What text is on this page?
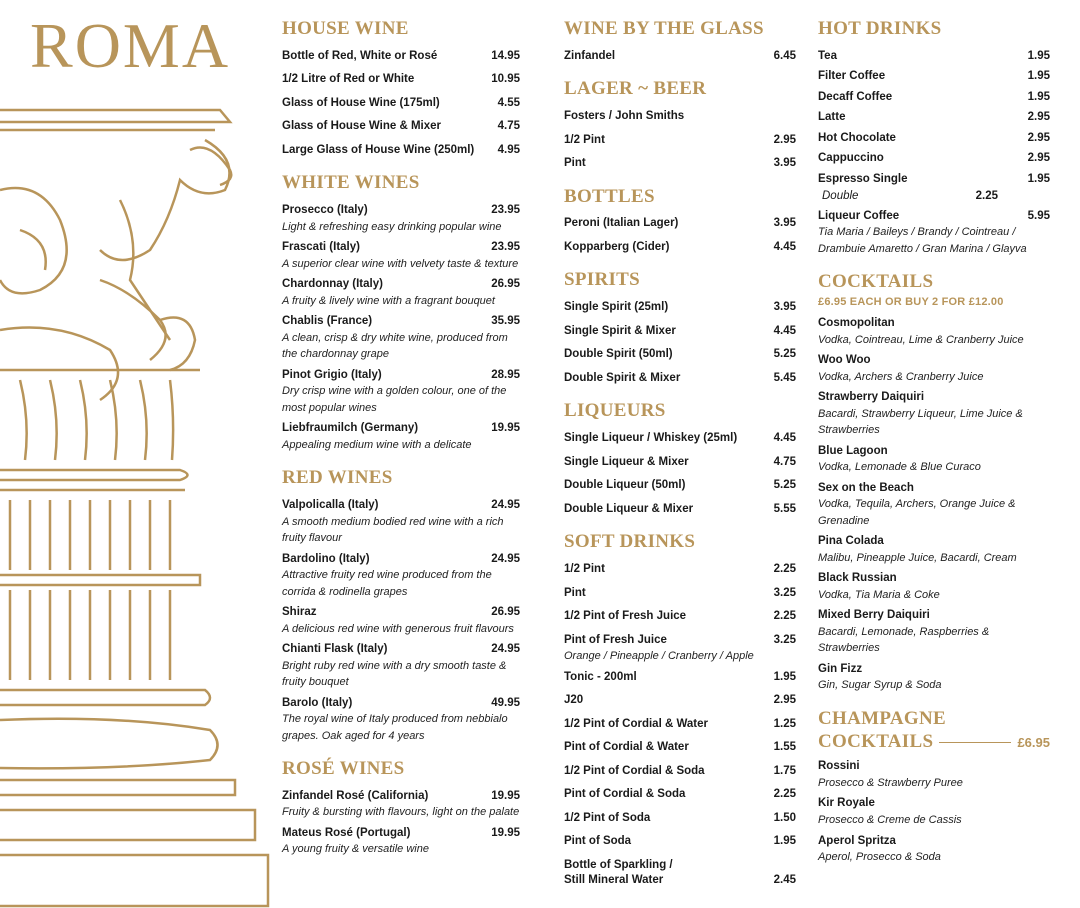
ROMA	HOUSE WINE
Bottle of Red, White or Rosé	14.95
1/2 Litre of Red or White	10.95
Glass of House Wine (175ml)	4.55
Glass of House Wine & Mixer	4.75
Large Glass of House Wine (250ml)	4.95
WHITE WINES
Prosecco (Italy)	23.95
Light & refreshing easy drinking popular wine
Frascati (Italy)	23.95
A superior clear wine with velvety taste & texture
Chardonnay (Italy)	26.95
A fruity & lively wine with a fragrant bouquet
Chablis (France)	35.95
A clean, crisp & dry white wine, produced from the chardonnay grape
Pinot Grigio (Italy)	28.95
Dry crisp wine with a golden colour, one of the most popular wines
Liebfraumilch (Germany)	19.95
Appealing medium wine with a delicate
RED WINES
Valpolicalla (Italy)	24.95
A smooth medium bodied red wine with a rich fruity flavour
Bardolino (Italy)	24.95
Attractive fruity red wine produced from the corrida & rodinella grapes
Shiraz	26.95
A delicious red wine with generous fruit flavours
Chianti Flask (Italy)	24.95
Bright ruby red wine with a dry smooth taste & fruity bouquet
Barolo (Italy)	49.95
The royal wine of Italy produced from nebbialo grapes. Oak aged for 4 years
ROSÉ WINES
Zinfandel Rosé (California)	19.95
Fruity & bursting with flavours, light on the palate
Mateus Rosé (Portugal)	19.95
A young fruity & versatile wine
WINE BY THE GLASS
Zinfandel	6.45
LAGER ~ BEER
Fosters / John Smiths
1/2 Pint	2.95
Pint	3.95
BOTTLES
Peroni (Italian Lager)	3.95
Kopparberg (Cider)	4.45
SPIRITS
Single Spirit (25ml)	3.95
Single Spirit & Mixer	4.45
Double Spirit (50ml)	5.25
Double Spirit & Mixer	5.45
LIQUEURS
Single Liqueur / Whiskey (25ml)	4.45
Single Liqueur & Mixer	4.75
Double Liqueur (50ml)	5.25
Double Liqueur & Mixer	5.55
SOFT DRINKS
1/2 Pint	2.25
Pint	3.25
1/2 Pint of Fresh Juice	2.25
Pint of Fresh Juice	3.25
Orange / Pineapple / Cranberry / Apple
Tonic - 200ml	1.95
J20	2.95
1/2 Pint of Cordial & Water	1.25
Pint of Cordial & Water	1.55
1/2 Pint of Cordial & Soda	1.75
Pint of Cordial & Soda	2.25
1/2 Pint of Soda	1.50
Pint of Soda	1.95
Bottle of Sparkling / Still Mineral Water	2.45
HOT DRINKS
Tea	1.95
Filter Coffee	1.95
Decaff Coffee	1.95
Latte	2.95
Hot Chocolate	2.95
Cappuccino	2.95
Espresso Single	1.95
Double	2.25
Liqueur Coffee	5.95
Tia Maria / Baileys / Brandy / Cointreau / Drambuie Amaretto / Gran Marina / Glayva
COCKTAILS
£6.95 EACH OR BUY 2 FOR £12.00
Cosmopolitan
Vodka, Cointreau, Lime & Cranberry Juice
Woo Woo
Vodka, Archers & Cranberry Juice
Strawberry Daiquiri
Bacardi, Strawberry Liqueur, Lime Juice & Strawberries
Blue Lagoon
Vodka, Lemonade & Blue Curaco
Sex on the Beach
Vodka, Tequila, Archers, Orange Juice & Grenadine
Pina Colada
Malibu, Pineapple Juice, Bacardi, Cream
Black Russian
Vodka, Tia Maria & Coke
Mixed Berry Daiquiri
Bacardi, Lemonade, Raspberries & Strawberries
Gin Fizz
Gin, Sugar Syrup & Soda
CHAMPAGNE
COCKTAILS	£6.95
Rossini
Prosecco & Strawberry Puree
Kir Royale
Prosecco & Creme de Cassis
Aperol Spritza
Aperol, Prosecco & Soda
